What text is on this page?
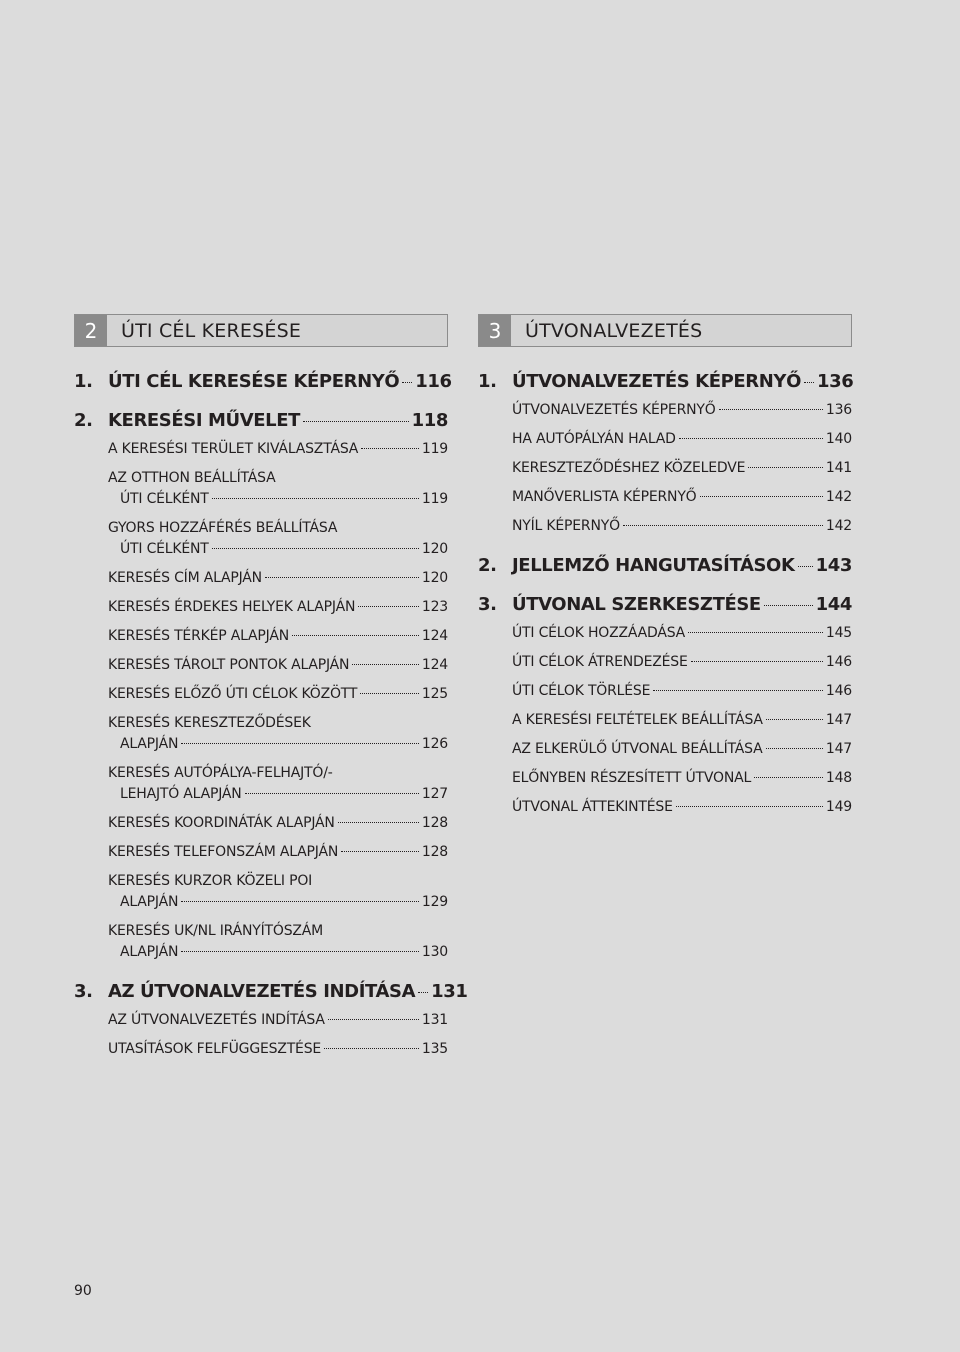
2	ÚTI CÉL KERESÉSE
1. ÚTI CÉL KERESÉSE KÉPERNYŐ 116
2. KERESÉSI MŰVELET	118
A KERESÉSI TERÜLET KIVÁLASZTÁSA	119
AZ OTTHON BEÁLLÍTÁSA
ÚTI CÉLKÉNT	119
GYORS HOZZÁFÉRÉS BEÁLLÍTÁSA
ÚTI CÉLKÉNT	120
KERESÉS CÍM ALAPJÁN	120
KERESÉS ÉRDEKES HELYEK ALAPJÁN	123
KERESÉS TÉRKÉP ALAPJÁN	124
KERESÉS TÁROLT PONTOK ALAPJÁN	124
KERESÉS ELŐZŐ ÚTI CÉLOK KÖZÖTT	125
KERESÉS KERESZTEZŐDÉSEK
ALAPJÁN	126
KERESÉS AUTÓPÁLYA-FELHAJTÓ/-
LEHAJTÓ ALAPJÁN	127
KERESÉS KOORDINÁTÁK ALAPJÁN	128
KERESÉS TELEFONSZÁM ALAPJÁN	128
KERESÉS KURZOR KÖZELI POI
ALAPJÁN	129
KERESÉS UK/NL IRÁNYÍTÓSZÁM
ALAPJÁN	130
3. AZ ÚTVONALVEZETÉS INDÍTÁSA 131
AZ ÚTVONALVEZETÉS INDÍTÁSA	131
UTASÍTÁSOK FELFÜGGESZTÉSE	135
3	ÚTVONALVEZETÉS
1. ÚTVONALVEZETÉS KÉPERNYŐ 136
ÚTVONALVEZETÉS KÉPERNYŐ	136
HA AUTÓPÁLYÁN HALAD	140
KERESZTEZŐDÉSHEZ KÖZELEDVE	141
MANŐVERLISTA KÉPERNYŐ	142
NYÍL KÉPERNYŐ	142
2. JELLEMZŐ HANGUTASÍTÁSOK 143
3. ÚTVONAL SZERKESZTÉSE	144
ÚTI CÉLOK HOZZÁADÁSA	145
ÚTI CÉLOK ÁTRENDEZÉSE	146
ÚTI CÉLOK TÖRLÉSE	146
A KERESÉSI FELTÉTELEK BEÁLLÍTÁSA	147
AZ ELKERÜLŐ ÚTVONAL BEÁLLÍTÁSA	147
ELŐNYBEN RÉSZESÍTETT ÚTVONAL	148
ÚTVONAL ÁTTEKINTÉSE	149
90
